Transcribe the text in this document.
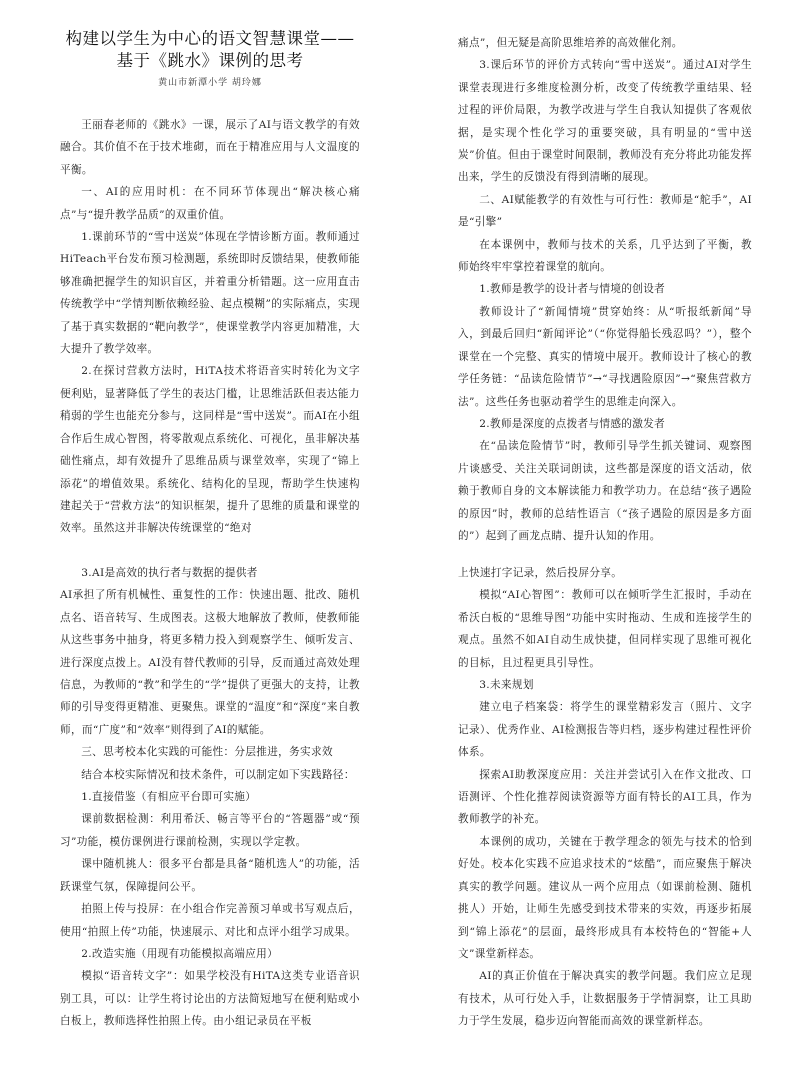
构建以学生为中心的语文智慧课堂——基于《跳水》课例的思考
黄山市新潭小学 胡玲娜

王丽春老师的《跳水》一课，展示了AI与语文教学的有效融合。其价值不在于技术堆砌，而在于精准应用与人文温度的平衡。

一、AI的应用时机：在不同环节体现出“解决核心痛点”与“提升教学品质”的双重价值。

1.课前环节的“雪中送炭”体现在学情诊断方面。教师通过HiTeach平台发布预习检测题，系统即时反馈结果，使教师能够准确把握学生的知识盲区，并着重分析错题。这一应用直击传统教学中“学情判断依赖经验、起点模糊”的实际痛点，实现了基于真实数据的“靶向教学”，使课堂教学内容更加精准，大大提升了教学效率。

2.在探讨营救方法时，HiTA技术将语音实时转化为文字便利贴，显著降低了学生的表达门槛，让思维活跃但表达能力稍弱的学生也能充分参与，这同样是“雪中送炭”。而AI在小组合作后生成心智图，将零散观点系统化、可视化，虽非解决基础性痛点，却有效提升了思维品质与课堂效率，实现了“锦上添花”的增值效果。系统化、结构化的呈现，帮助学生快速构建起关于“营救方法”的知识框架，提升了思维的质量和课堂的效率。虽然这并非解决传统课堂的“绝对

痛点”，但无疑是高阶思维培养的高效催化剂。

3.课后环节的评价方式转向“雪中送炭”。通过AI对学生课堂表现进行多维度检测分析，改变了传统教学重结果、轻过程的评价局限，为教学改进与学生自我认知提供了客观依据，是实现个性化学习的重要突破，具有明显的“雪中送炭”价值。但由于课堂时间限制，教师没有充分将此功能发挥出来，学生的反馈没有得到清晰的展现。

二、AI赋能教学的有效性与可行性：教师是“舵手”，AI是“引擎”

在本课例中，教师与技术的关系，几乎达到了平衡，教师始终牢牢掌控着课堂的航向。

1.教师是教学的设计者与情境的创设者

教师设计了“新闻情境”贯穿始终：从“听报纸新闻”导入，到最后回归“新闻评论”（“你觉得船长残忍吗？”），整个课堂在一个完整、真实的情境中展开。教师设计了核心的教学任务链：“品读危险情节”→“寻找遇险原因”→“聚焦营救方法”。这些任务也驱动着学生的思维走向深入。

2.教师是深度的点拨者与情感的激发者

在“品读危险情节”时，教师引导学生抓关键词、观察图片谈感受、关注关联词朗读，这些都是深度的语文活动，依赖于教师自身的文本解读能力和教学功力。在总结“孩子遇险的原因”时，教师的总结性语言（“孩子遇险的原因是多方面的”）起到了画龙点睛、提升认知的作用。

3.AI是高效的执行者与数据的提供者

AI承担了所有机械性、重复性的工作：快速出题、批改、随机点名、语音转写、生成图表。这极大地解放了教师，使教师能从这些事务中抽身，将更多精力投入到观察学生、倾听发言、进行深度点拨上。AI没有替代教师的引导，反而通过高效处理信息，为教师的“教”和学生的“学”提供了更强大的支持，让教师的引导变得更精准、更聚焦。课堂的“温度”和“深度”来自教师，而“广度”和“效率”则得到了AI的赋能。

三、思考校本化实践的可能性：分层推进，务实求效

结合本校实际情况和技术条件，可以制定如下实践路径：

1.直接借鉴（有相应平台即可实施）

课前数据检测：利用希沃、畅言等平台的“答题器”或“预习”功能，模仿课例进行课前检测，实现以学定教。

课中随机挑人：很多平台都是具备“随机选人”的功能，活跃课堂气氛，保障提问公平。

拍照上传与投屏：在小组合作完善预习单或书写观点后，使用“拍照上传”功能，快速展示、对比和点评小组学习成果。

2.改造实施（用现有功能模拟高端应用）

模拟“语音转文字”：如果学校没有HiTA这类专业语音识别工具，可以：让学生将讨论出的方法简短地写在便利贴或小白板上，教师选择性拍照上传。由小组记录员在平板

上快速打字记录，然后投屏分享。

模拟“AI心智图”：教师可以在倾听学生汇报时，手动在希沃白板的“思维导图”功能中实时拖动、生成和连接学生的观点。虽然不如AI自动生成快捷，但同样实现了思维可视化的目标，且过程更具引导性。

3.未来规划

建立电子档案袋：将学生的课堂精彩发言（照片、文字记录）、优秀作业、AI检测报告等归档，逐步构建过程性评价体系。

探索AI助教深度应用：关注并尝试引入在作文批改、口语测评、个性化推荐阅读资源等方面有特长的AI工具，作为教师教学的补充。

本课例的成功，关键在于教学理念的领先与技术的恰到好处。校本化实践不应追求技术的“炫酷”，而应聚焦于解决真实的教学问题。建议从一两个应用点（如课前检测、随机挑人）开始，让师生先感受到技术带来的实效，再逐步拓展到“锦上添花”的层面，最终形成具有本校特色的“智能+人文”课堂新样态。

AI的真正价值在于解决真实的教学问题。我们应立足现有技术，从可行处入手，让数据服务于学情洞察，让工具助力于学生发展，稳步迈向智能而高效的课堂新样态。
